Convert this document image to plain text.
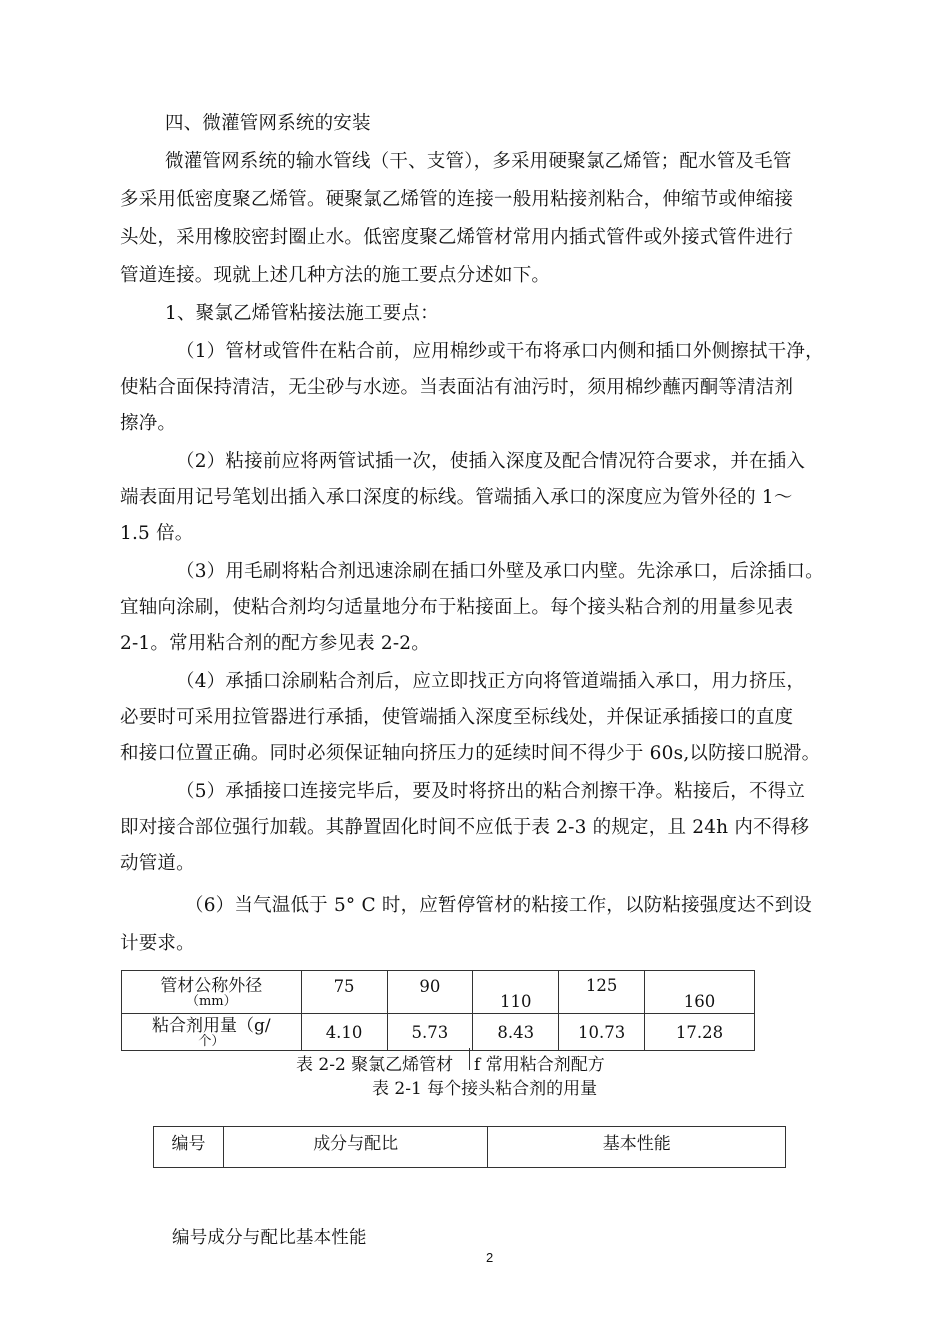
四、微灌管网系统的安装
微灌管网系统的输水管线（干、支管），多采用硬聚氯乙烯管；配水管及毛管
多采用低密度聚乙烯管。硬聚氯乙烯管的连接一般用粘接剂粘合，伸缩节或伸缩接
头处，采用橡胶密封圈止水。低密度聚乙烯管材常用内插式管件或外接式管件进行
管道连接。现就上述几种方法的施工要点分述如下。
1、聚氯乙烯管粘接法施工要点：
（1）管材或管件在粘合前，应用棉纱或干布将承口内侧和插口外侧擦拭干净，
使粘合面保持清洁，无尘砂与水迹。当表面沾有油污时，须用棉纱蘸丙酮等清洁剂
擦净。
（2）粘接前应将两管试插一次，使插入深度及配合情况符合要求，并在插入
端表面用记号笔划出插入承口深度的标线。管端插入承口的深度应为管外径的 1～
1.5 倍。
（3）用毛刷将粘合剂迅速涂刷在插口外壁及承口内壁。先涂承口，后涂插口。
宜轴向涂刷，使粘合剂均匀适量地分布于粘接面上。每个接头粘合剂的用量参见表
2-1。常用粘合剂的配方参见表 2-2。
（4）承插口涂刷粘合剂后，应立即找正方向将管道端插入承口，用力挤压，
必要时可采用拉管器进行承插，使管端插入深度至标线处，并保证承插接口的直度
和接口位置正确。同时必须保证轴向挤压力的延续时间不得少于 60s,以防接口脱滑。
（5）承插接口连接完毕后，要及时将挤出的粘合剂擦干净。粘接后，不得立
即对接合部位强行加载。其静置固化时间不应低于表 2-3 的规定，且 24h 内不得移
动管道。
（6）当气温低于 5° C 时，应暂停管材的粘接工作，以防粘接强度达不到设
计要求。
管材公称外径
（mm）	75	90	110	125	160
粘合剂用量（g/
个）	4.10	5.73	8.43	10.73	17.28
表 2-2 聚氯乙烯管材 f 常用粘合剂配方
表 2-1 每个接头粘合剂的用量
编号	成分与配比	基本性能
编号成分与配比基本性能
2
